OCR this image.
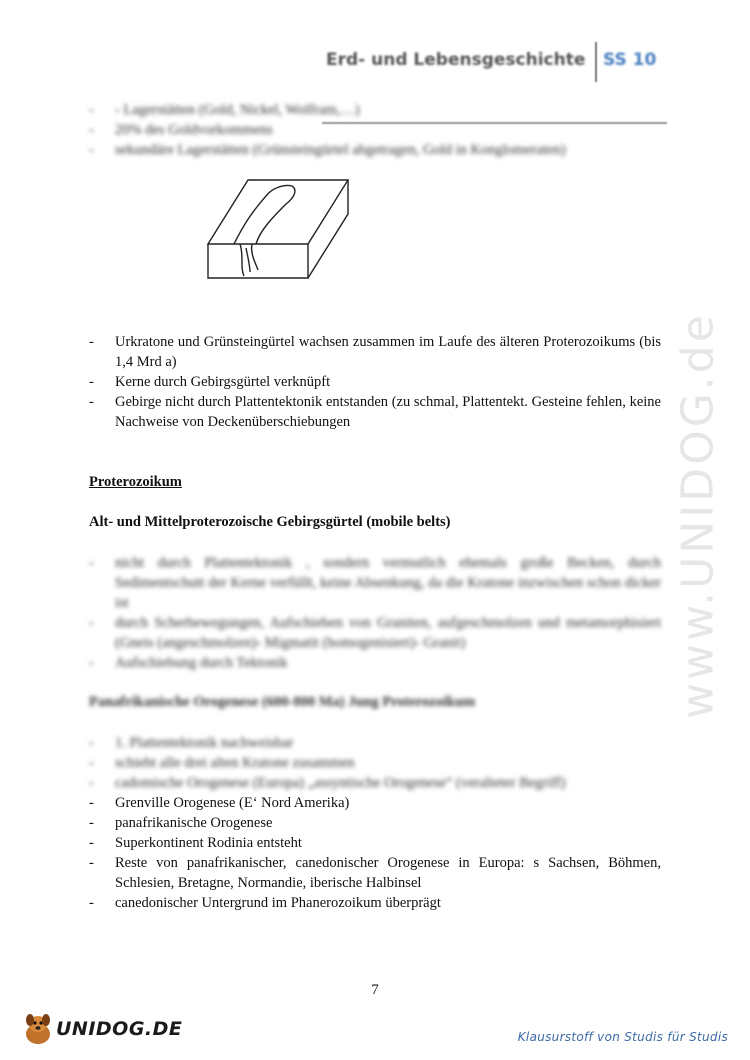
Erd- und Lebensgeschichte SS 10
www.UNIDOG.de
- - Lagerstätten (Gold, Nickel, Wolfram,…)
- 20% des Goldvorkommens
- sekundäre Lagerstätten (Grünsteingürtel abgetragen, Gold in Konglomeraten)
- Urkratone und Grünsteingürtel wachsen zusammen im Laufe des älteren Proterozoikums (bis 1,4 Mrd a)
- Kerne durch Gebirgsgürtel verknüpft
- Gebirge nicht durch Plattentektonik entstanden (zu schmal, Plattentekt. Gesteine fehlen, keine Nachweise von Deckenüberschiebungen
Proterozoikum
Alt- und Mittelproterozoische Gebirgsgürtel (mobile belts)
- nicht durch Plattentektonik , sondern vermutlich ehemals große Becken, durch Sedimentschutt der Kerne verfüllt, keine Absenkung, da die Kratone inzwischen schon dicker ist
- durch Scherbewegungen, Aufschieben von Graniten, aufgeschmolzen und metamorphisiert (Gneis (angeschmolzen)- Migmatit (homogenisiert)- Granit)
- Aufschiebung durch Tektonik
Panafrikanische Orogenese (600-800 Ma) Jung Proterozoikum
- 1. Plattentektonik nachweisbar
- schiebt alle drei alten Kratone zusammen
- cadomische Orogenese (Europa) „assyntische Orogenese“ (veralteter Begriff)
- Grenville Orogenese (E‘ Nord Amerika)
- panafrikanische Orogenese
- Superkontinent Rodinia entsteht
- Reste von panafrikanischer, canedonischer Orogenese in Europa: s Sachsen, Böhmen, Schlesien, Bretagne, Normandie, iberische Halbinsel
- canedonischer Untergrund im Phanerozoikum überprägt
7
UNIDOG.DE	Klausurstoff von Studis für Studis
